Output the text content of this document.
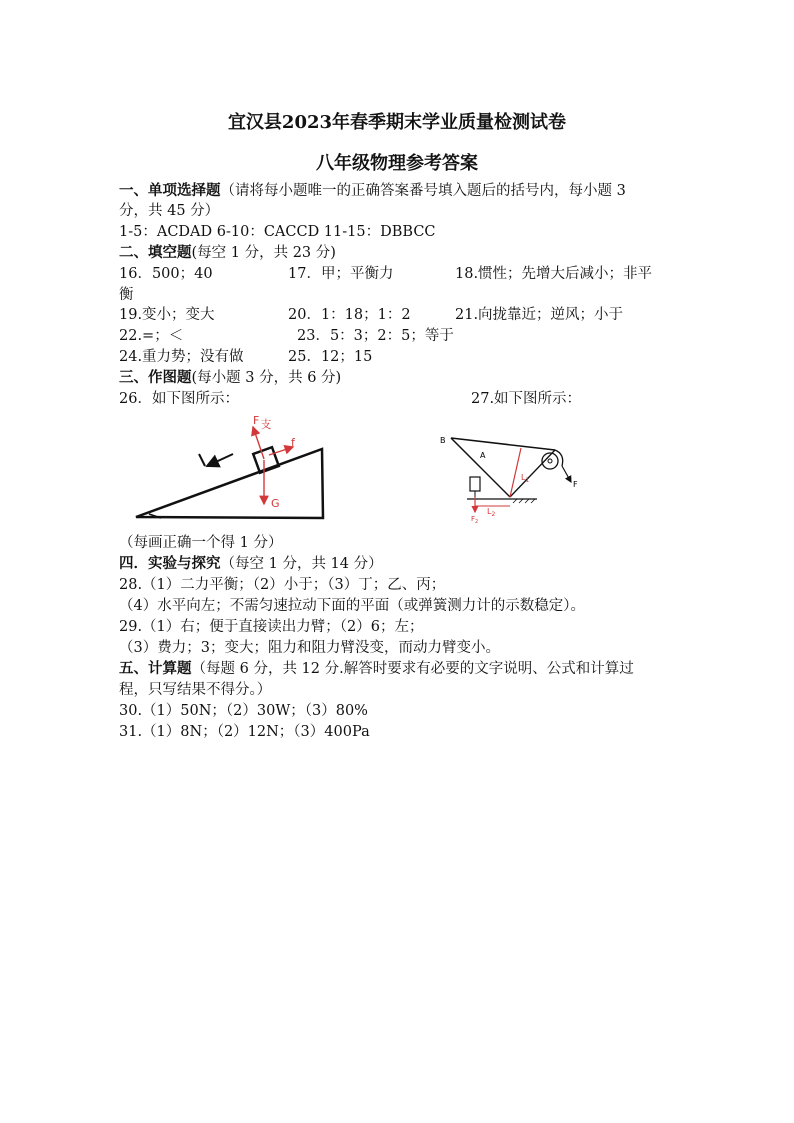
宜汉县2023年春季期末学业质量检测试卷
八年级物理参考答案
一、单项选择题（请将每小题唯一的正确答案番号填入题后的括号内，每小题 3
分，共 45 分）
1-5：ACDAD 6-10：CACCD 11-15：DBBCC
二、填空题(每空 1 分，共 23 分)
16．500；40	17．甲；平衡力	18.惯性；先增大后减小；非平
衡
19.变小；变大	20．1：18；1：2	21.向拢靠近；逆风；小于
22.=；＜	23．5：3；2：5；等于
24.重力势；没有做	25．12；15
三、作图题(每小题 3 分，共 6 分)
26．如下图所示：	27.如下图所示：
F支
f
G
B
A
F
$L_1$
$F_2$
$L_2$
（每画正确一个得 1 分）
四．实验与探究（每空 1 分，共 14 分）
28.（1）二力平衡；（2）小于；（3）丁；乙、丙；
（4）水平向左；不需匀速拉动下面的平面（或弹簧测力计的示数稳定）。
29.（1）右；便于直接读出力臂；（2）6；左；
（3）费力；3；变大；阻力和阻力臂没变，而动力臂变小。
五、计算题（每题 6 分，共 12 分.解答时要求有必要的文字说明、公式和计算过
程，只写结果不得分。）
30.（1）50N；（2）30W；（3）80%
31.（1）8N；（2）12N；（3）400Pa
